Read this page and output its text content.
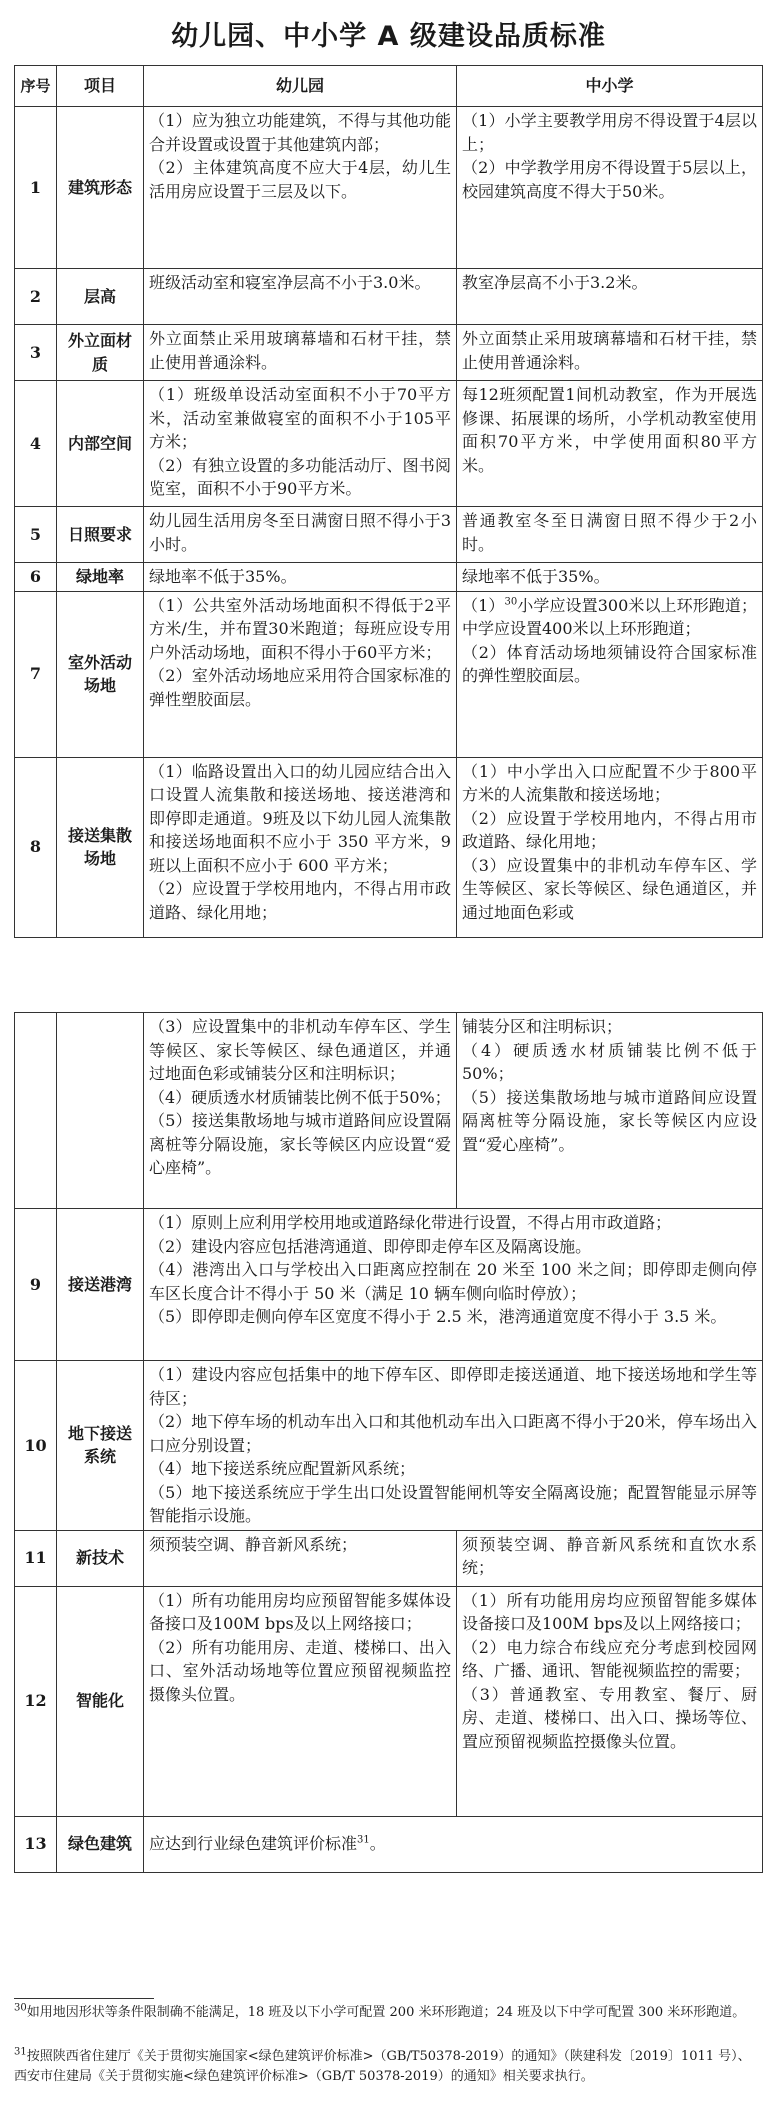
幼儿园、中小学 A 级建设品质标准
序号	项目	幼儿园	中小学
1	建筑形态	（1）应为独立功能建筑，不得与其他功能合并设置或设置于其他建筑内部；
（2）主体建筑高度不应大于4层，幼儿生活用房应设置于三层及以下。	（1）小学主要教学用房不得设置于4层以上；
（2）中学教学用房不得设置于5层以上，校园建筑高度不得大于50米。

2	层高	班级活动室和寝室净层高不小于3.0米。	教室净层高不小于3.2米。

3	外立面材质	外立面禁止采用玻璃幕墙和石材干挂，禁止使用普通涂料。	外立面禁止采用玻璃幕墙和石材干挂，禁止使用普通涂料。

4	内部空间	（1）班级单设活动室面积不小于70平方米，活动室兼做寝室的面积不小于105平方米；
（2）有独立设置的多功能活动厅、图书阅览室，面积不小于90平方米。	每12班须配置1间机动教室，作为开展选修课、拓展课的场所，小学机动教室使用面积70平方米，中学使用面积80平方米。

5	日照要求	幼儿园生活用房冬至日满窗日照不得小于3小时。	普通教室冬至日满窗日照不得少于2小时。

6	绿地率	绿地率不低于35%。	绿地率不低于35%。

7	室外活动场地	（1）公共室外活动场地面积不得低于2平方米/生，并布置30米跑道；每班应设专用户外活动场地，面积不得小于60平方米；
（2）室外活动场地应采用符合国家标准的弹性塑胶面层。	$(1)^{30}$小学应设置300米以上环形跑道；中学应设置400米以上环形跑道；
（2）体育活动场地须铺设符合国家标准的弹性塑胶面层。

8	接送集散场地	（1）临路设置出入口的幼儿园应结合出入口设置人流集散和接送场地、接送港湾和即停即走通道。9班及以下幼儿园人流集散和接送场地面积不应小于 350 平方米，9 班以上面积不应小于 600 平方米；
（2）应设置于学校用地内，不得占用市政道路、绿化用地；	（1）中小学出入口应配置不少于800平方米的人流集散和接送场地；
（2）应设置于学校用地内，不得占用市政道路、绿化用地；
（3）应设置集中的非机动车停车区、学生等候区、家长等候区、绿色通道区，并通过地面色彩或

		（3）应设置集中的非机动车停车区、学生等候区、家长等候区、绿色通道区，并通过地面色彩或铺装分区和注明标识；
（4）硬质透水材质铺装比例不低于50%；
（5）接送集散场地与城市道路间应设置隔离桩等分隔设施，家长等候区内应设置“爱心座椅”。	铺装分区和注明标识；
（4）硬质透水材质铺装比例不低于50%；
（5）接送集散场地与城市道路间应设置隔离桩等分隔设施，家长等候区内应设置“爱心座椅”。

9	接送港湾	（1）原则上应利用学校用地或道路绿化带进行设置，不得占用市政道路；
（2）建设内容应包括港湾通道、即停即走停车区及隔离设施。
（4）港湾出入口与学校出入口距离应控制在 20 米至 100 米之间；即停即走侧向停车区长度合计不得小于 50 米（满足 10 辆车侧向临时停放）；
（5）即停即走侧向停车区宽度不得小于 2.5 米，港湾通道宽度不得小于 3.5 米。	

10	地下接送系统	（1）建设内容应包括集中的地下停车区、即停即走接送通道、地下接送场地和学生等待区；
（2）地下停车场的机动车出入口和其他机动车出入口距离不得小于20米，停车场出入口应分别设置；
（4）地下接送系统应配置新风系统；
（5）地下接送系统应于学生出口处设置智能闸机等安全隔离设施；配置智能显示屏等智能指示设施。	

11	新技术	须预装空调、静音新风系统；	须预装空调、静音新风系统和直饮水系统；

12	智能化	（1）所有功能用房均应预留智能多媒体设备接口及100M bps及以上网络接口；
（2）所有功能用房、走道、楼梯口、出入口、室外活动场地等位置应预留视频监控摄像头位置。	（1）所有功能用房均应预留智能多媒体设备接口及100M bps及以上网络接口；
（2）电力综合布线应充分考虑到校园网络、广播、通讯、智能视频监控的需要；
（3）普通教室、专用教室、餐厅、厨房、走道、楼梯口、出入口、操场等位、置应预留视频监控摄像头位置。

13	绿色建筑	应达到行业绿色建筑评价标准$^{31}$。	
$^{30}$如用地因形状等条件限制确不能满足，18 班及以下小学可配置 200 米环形跑道；24 班及以下中学可配置 300 米环形跑道。
$^{31}$按照陕西省住建厅《关于贯彻实施国家<绿色建筑评价标准>（GB/T50378-2019）的通知》（陕建科发〔2019〕1011 号）、西安市住建局《关于贯彻实施<绿色建筑评价标准>（GB/T 50378-2019）的通知》相关要求执行。
